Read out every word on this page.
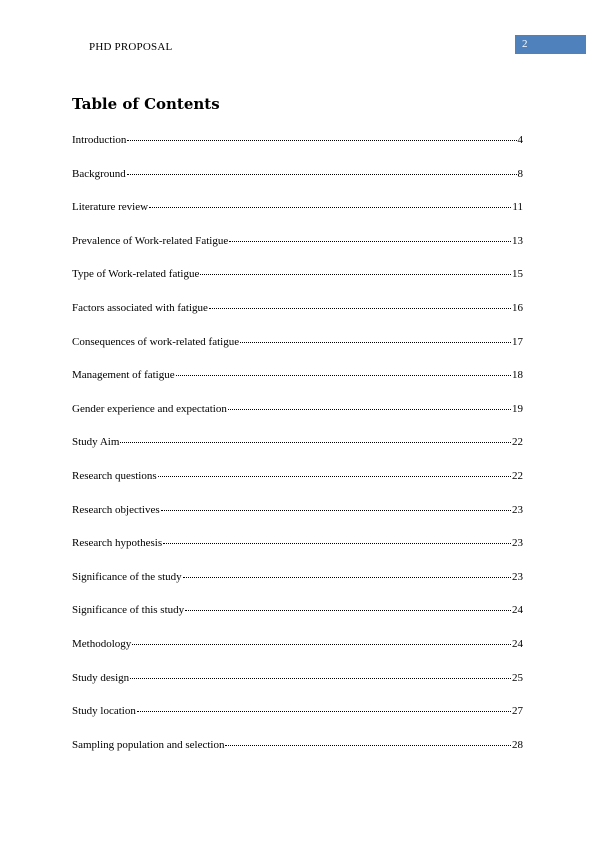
PHD PROPOSAL	2
Table of Contents
Introduction	4
Background	8
Literature review	11
Prevalence of Work-related Fatigue	13
Type of Work-related fatigue	15
Factors associated with fatigue	16
Consequences of work-related fatigue	17
Management of fatigue	18
Gender experience and expectation	19
Study Aim	22
Research questions	22
Research objectives	23
Research hypothesis	23
Significance of the study	23
Significance of this study	24
Methodology	24
Study design	25
Study location	27
Sampling population and selection	28
